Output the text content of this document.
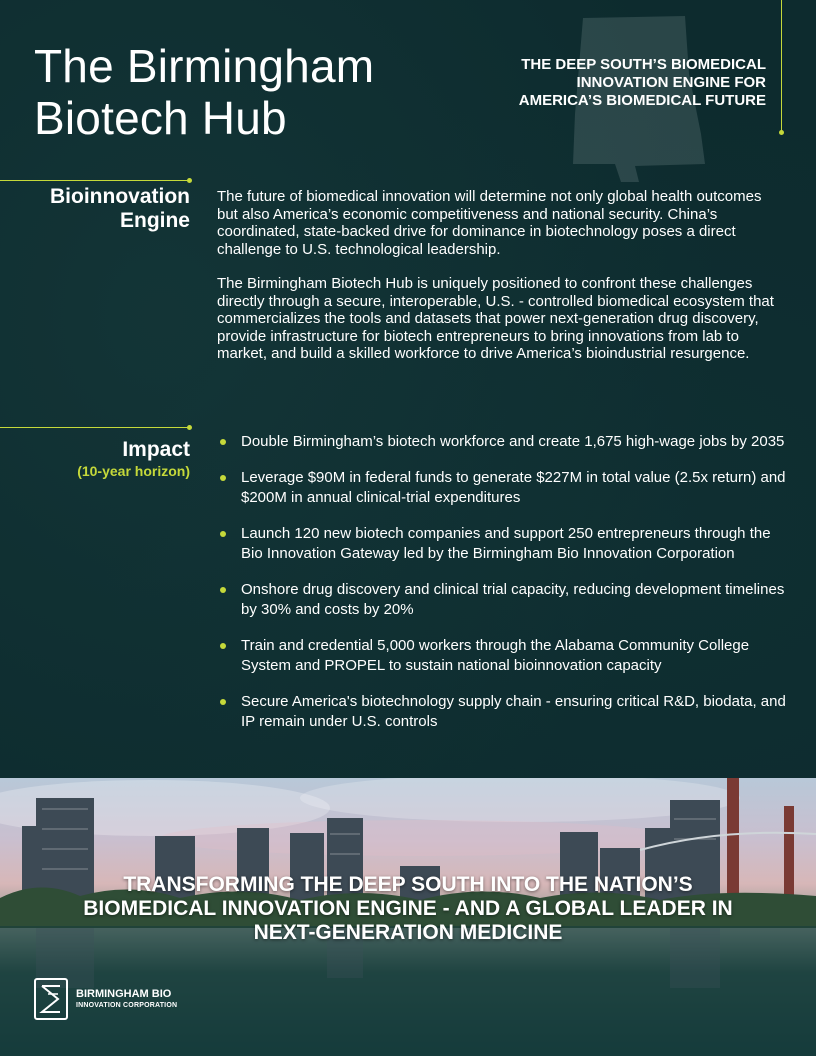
The Birmingham
Biotech Hub
THE DEEP SOUTH’S BIOMEDICAL INNOVATION ENGINE FOR AMERICA’S BIOMEDICAL FUTURE
Bioinnovation
Engine

The future of biomedical innovation will determine not only global health outcomes but also America’s economic competitiveness and national security. China’s coordinated, state-backed drive for dominance in biotechnology poses a direct challenge to U.S. technological leadership.

The Birmingham Biotech Hub is uniquely positioned to confront these challenges directly through a secure, interoperable, U.S. - controlled biomedical ecosystem that commercializes the tools and datasets that power next-generation drug discovery, provide infrastructure for biotech entrepreneurs to bring innovations from lab to market, and build a skilled workforce to drive America’s bioindustrial resurgence.

Impact
(10-year horizon)
Double Birmingham’s biotech workforce and create 1,675 high-wage jobs by 2035
Leverage $90M in federal funds to generate $227M in total value (2.5x return) and $200M in annual clinical-trial expenditures
Launch 120 new biotech companies and support 250 entrepreneurs through the Bio Innovation Gateway led by the Birmingham Bio Innovation Corporation
Onshore drug discovery and clinical trial capacity, reducing development timelines by 30% and costs by 20%
Train and credential 5,000 workers through the Alabama Community College System and PROPEL to sustain national bioinnovation capacity
Secure America's biotechnology supply chain - ensuring critical R&D, biodata, and IP remain under U.S. controls
TRANSFORMING THE DEEP SOUTH INTO THE NATION’S BIOMEDICAL INNOVATION ENGINE - AND A GLOBAL LEADER IN NEXT-GENERATION MEDICINE
BIRMINGHAM BIO
INNOVATION CORPORATION
